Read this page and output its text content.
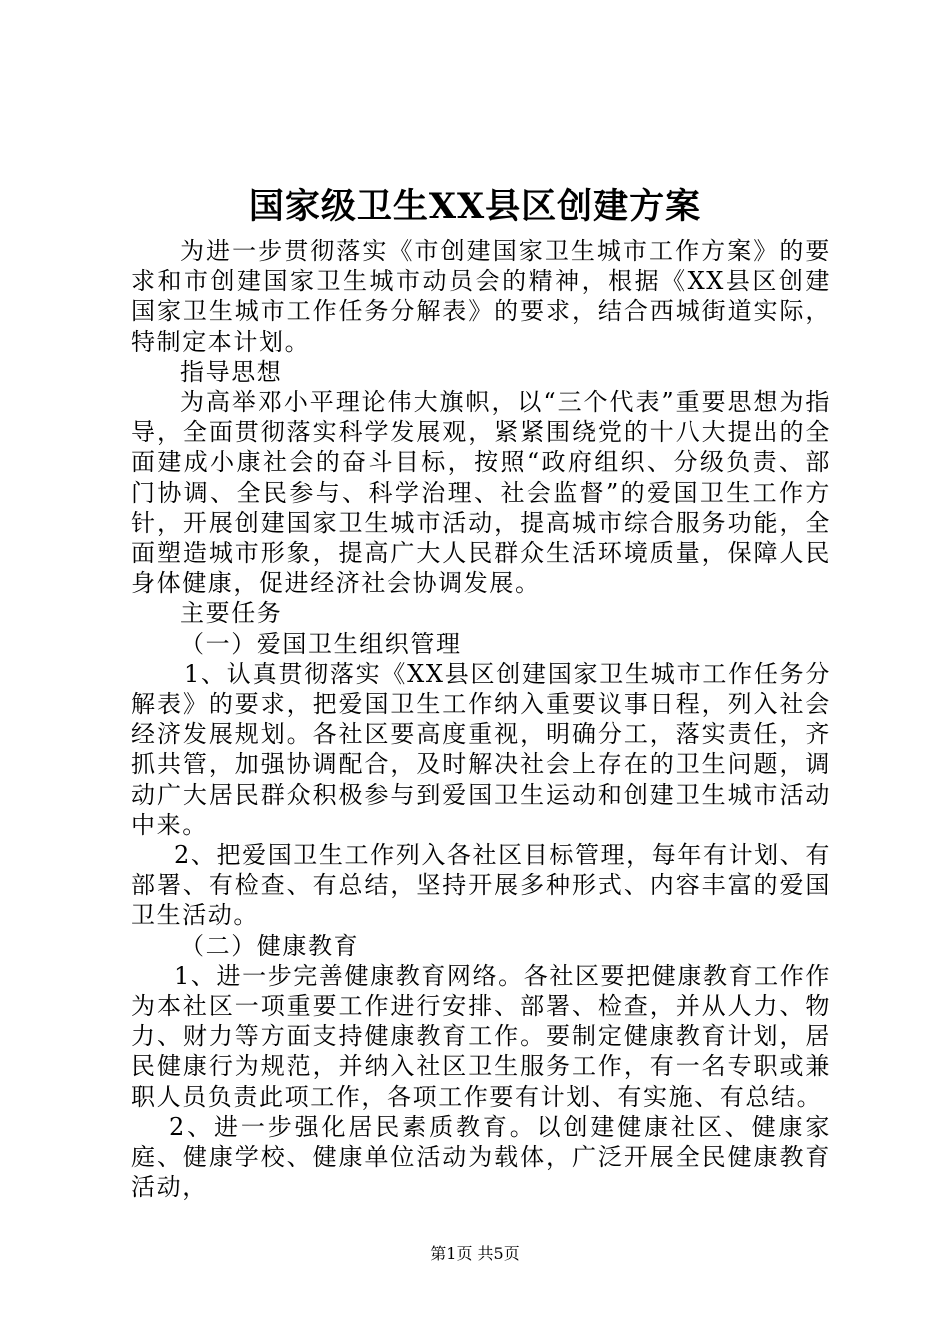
国家级卫生XX县区创建方案

为进一步贯彻落实《市创建国家卫生城市工作方案》的要求和市创建国家卫生城市动员会的精神，根据《XX县区创建国家卫生城市工作任务分解表》的要求，结合西城街道实际，特制定本计划。

指导思想

为高举邓小平理论伟大旗帜，以“三个代表”重要思想为指导，全面贯彻落实科学发展观，紧紧围绕党的十八大提出的全面建成小康社会的奋斗目标，按照“政府组织、分级负责、部门协调、全民参与、科学治理、社会监督”的爱国卫生工作方针，开展创建国家卫生城市活动，提高城市综合服务功能，全面塑造城市形象，提高广大人民群众生活环境质量，保障人民身体健康，促进经济社会协调发展。

主要任务

（一）爱国卫生组织管理

1、认真贯彻落实《XX县区创建国家卫生城市工作任务分解表》的要求，把爱国卫生工作纳入重要议事日程，列入社会经济发展规划。各社区要高度重视，明确分工，落实责任，齐抓共管，加强协调配合，及时解决社会上存在的卫生问题，调动广大居民群众积极参与到爱国卫生运动和创建卫生城市活动中来。

2、把爱国卫生工作列入各社区目标管理，每年有计划、有部署、有检查、有总结，坚持开展多种形式、内容丰富的爱国卫生活动。

（二）健康教育

1、进一步完善健康教育网络。各社区要把健康教育工作作为本社区一项重要工作进行安排、部署、检查，并从人力、物力、财力等方面支持健康教育工作。要制定健康教育计划，居民健康行为规范，并纳入社区卫生服务工作，有一名专职或兼职人员负责此项工作，各项工作要有计划、有实施、有总结。

2、进一步强化居民素质教育。以创建健康社区、健康家庭、健康学校、健康单位活动为载体，广泛开展全民健康教育活动，

第1页 共5页
